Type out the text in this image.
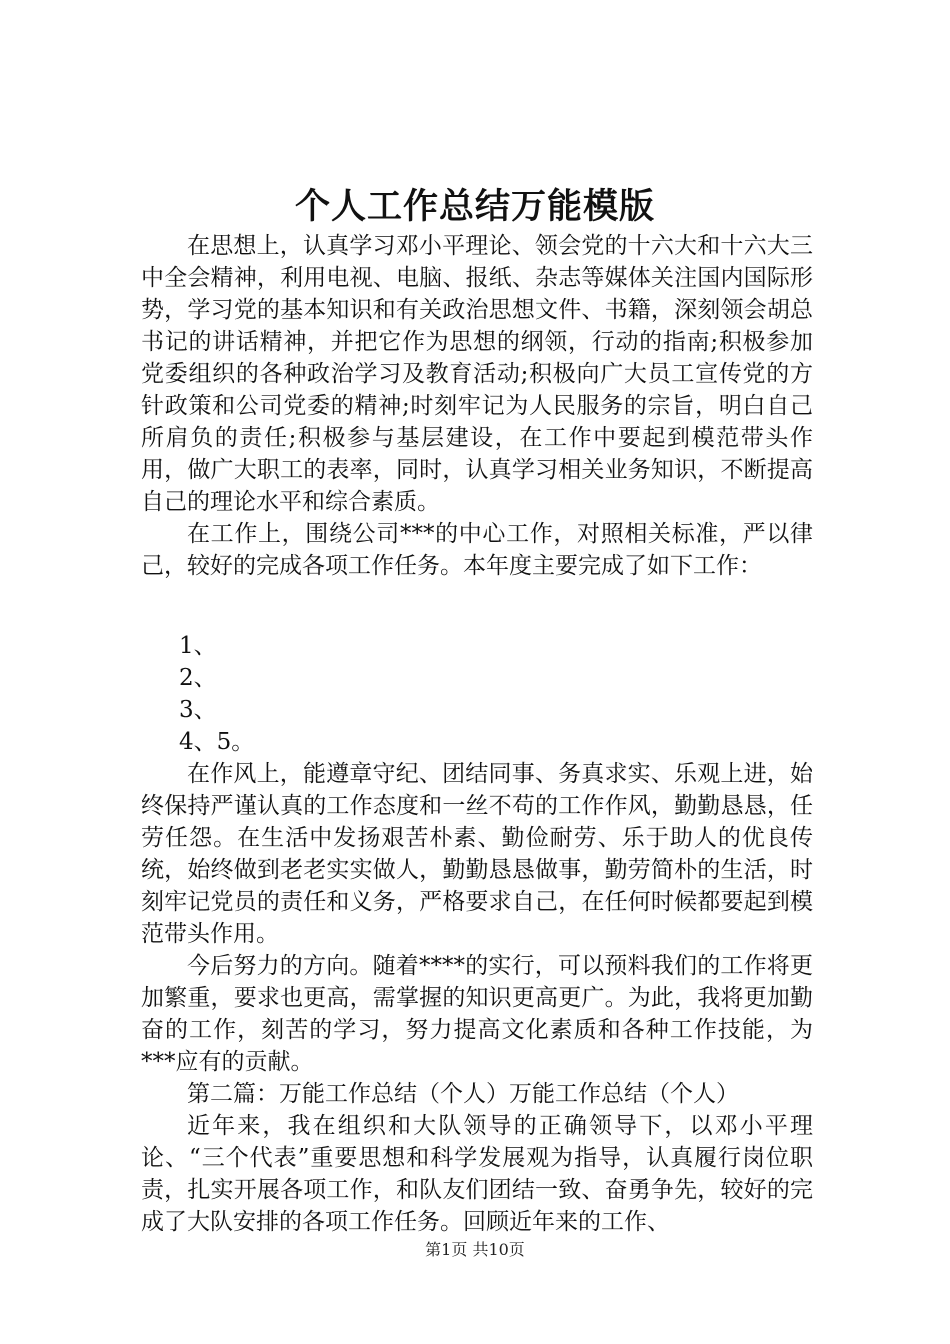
个人工作总结万能模版

在思想上，认真学习邓小平理论、领会党的十六大和十六大三中全会精神，利用电视、电脑、报纸、杂志等媒体关注国内国际形势，学习党的基本知识和有关政治思想文件、书籍，深刻领会胡总书记的讲话精神，并把它作为思想的纲领，行动的指南;积极参加党委组织的各种政治学习及教育活动;积极向广大员工宣传党的方针政策和公司党委的精神;时刻牢记为人民服务的宗旨，明白自己所肩负的责任;积极参与基层建设，在工作中要起到模范带头作用，做广大职工的表率，同时，认真学习相关业务知识，不断提高自己的理论水平和综合素质。

在工作上，围绕公司***的中心工作，对照相关标准，严以律己，较好的完成各项工作任务。本年度主要完成了如下工作：

1、
2、
3、
4、5。

在作风上，能遵章守纪、团结同事、务真求实、乐观上进，始终保持严谨认真的工作态度和一丝不苟的工作作风，勤勤恳恳，任劳任怨。在生活中发扬艰苦朴素、勤俭耐劳、乐于助人的优良传统，始终做到老老实实做人，勤勤恳恳做事，勤劳简朴的生活，时刻牢记党员的责任和义务，严格要求自己，在任何时候都要起到模范带头作用。

今后努力的方向。随着****的实行，可以预料我们的工作将更加繁重，要求也更高，需掌握的知识更高更广。为此，我将更加勤奋的工作，刻苦的学习，努力提高文化素质和各种工作技能，为***应有的贡献。

第二篇：万能工作总结（个人）万能工作总结（个人）

近年来，我在组织和大队领导的正确领导下，以邓小平理论、“三个代表”重要思想和科学发展观为指导，认真履行岗位职责，扎实开展各项工作，和队友们团结一致、奋勇争先，较好的完成了大队安排的各项工作任务。回顾近年来的工作、

第1页 共10页
